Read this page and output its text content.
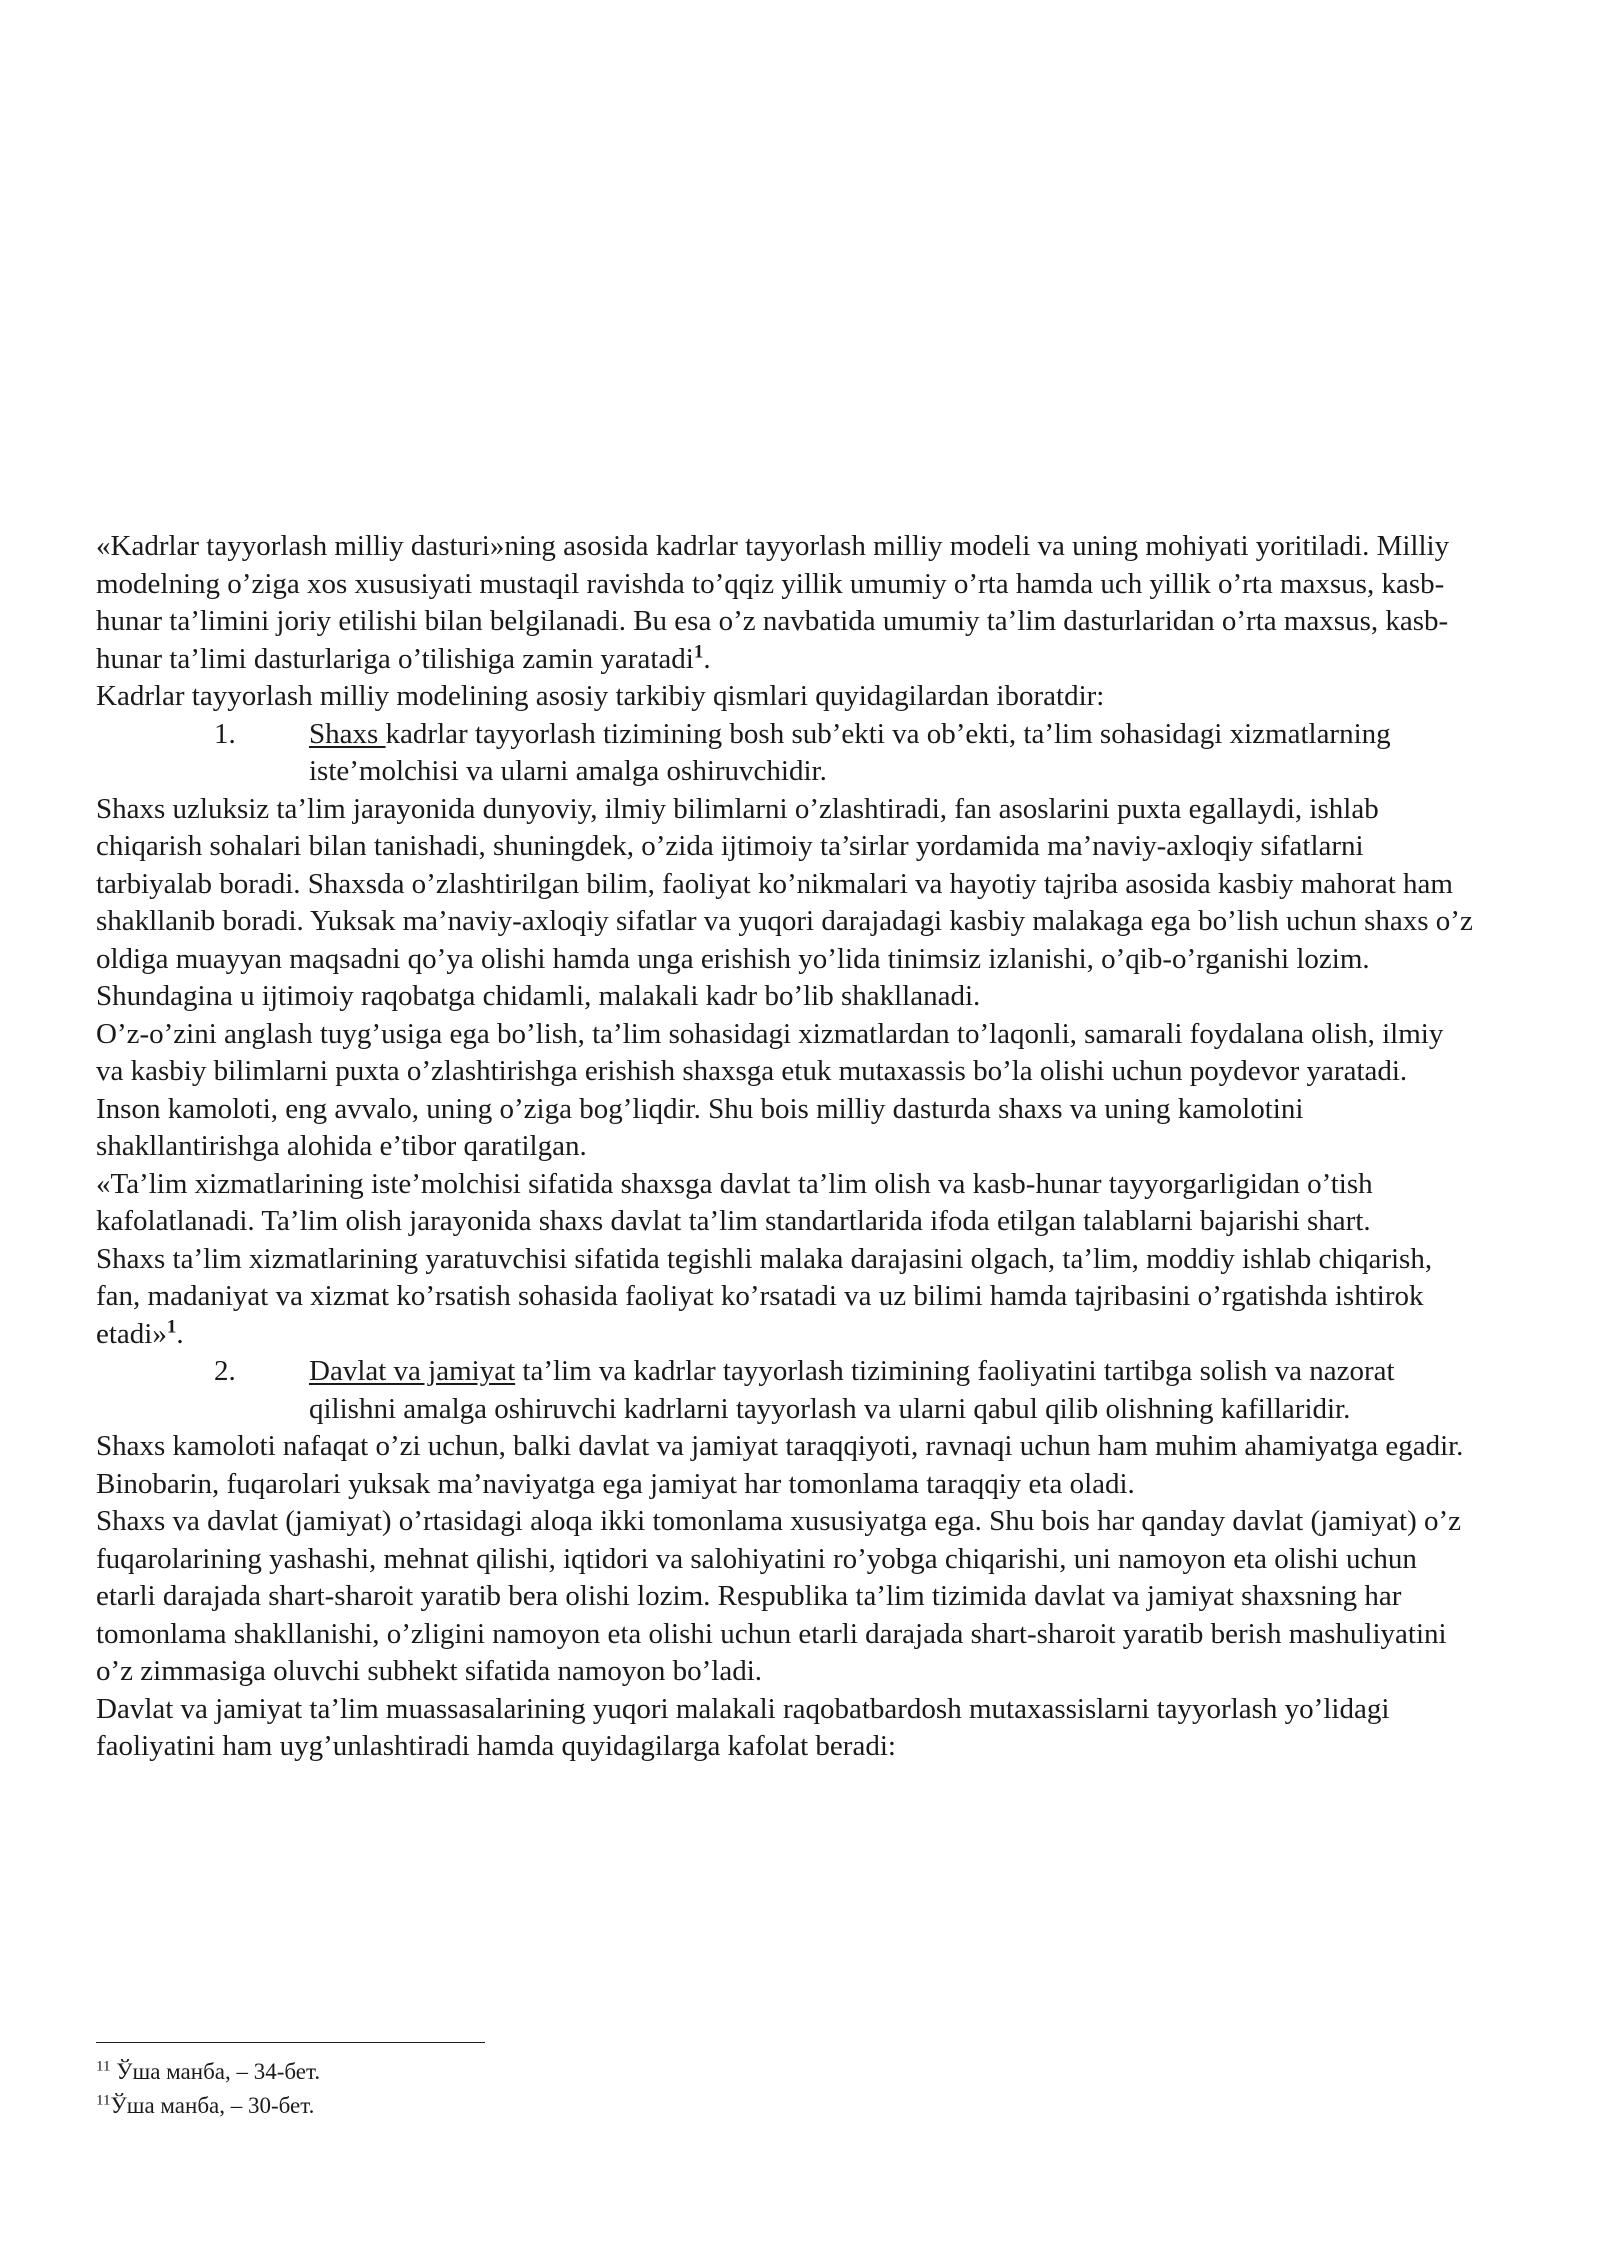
«Kadrlar tayyorlash milliy dasturi»ning asosida kadrlar tayyorlash milliy modeli va uning mohiyati yoritiladi. Milliy modelning o’ziga xos xususiyati mustaqil ravishda to’qqiz yillik umumiy o’rta hamda uch yillik o’rta maxsus, kasb-hunar ta’limini joriy etilishi bilan belgilanadi. Bu esa o’z navbatida umumiy ta’lim dasturlaridan o’rta maxsus, kasb-hunar ta’limi dasturlariga o’tilishiga zamin yaratadi$^1$.

Kadrlar tayyorlash milliy modelining asosiy tarkibiy qismlari quyidagilardan iboratdir:

1.	Shaxs kadrlar tayyorlash tizimining bosh sub’ekti va ob’ekti, ta’lim sohasidagi xizmatlarning iste’molchisi va ularni amalga oshiruvchidir.

Shaxs uzluksiz ta’lim jarayonida dunyoviy, ilmiy bilimlarni o’zlashtiradi, fan asoslarini puxta egallaydi, ishlab chiqarish sohalari bilan tanishadi, shuningdek, o’zida ijtimoiy ta’sirlar yordamida ma’naviy-axloqiy sifatlarni tarbiyalab boradi. Shaxsda o’zlashtirilgan bilim, faoliyat ko’nikmalari va hayotiy tajriba asosida kasbiy mahorat ham shakllanib boradi. Yuksak ma’naviy-axloqiy sifatlar va yuqori darajadagi kasbiy malakaga ega bo’lish uchun shaxs o’z oldiga muayyan maqsadni qo’ya olishi hamda unga erishish yo’lida tinimsiz izlanishi, o’qib-o’rganishi lozim. Shundagina u ijtimoiy raqobatga chidamli, malakali kadr bo’lib shakllanadi.

O’z-o’zini anglash tuyg’usiga ega bo’lish, ta’lim sohasidagi xizmatlardan to’laqonli, samarali foydalana olish, ilmiy va kasbiy bilimlarni puxta o’zlashtirishga erishish shaxsga etuk mutaxassis bo’la olishi uchun poydevor yaratadi. Inson kamoloti, eng avvalo, uning o’ziga bog’liqdir. Shu bois milliy dasturda shaxs va uning kamolotini shakllantirishga alohida e’tibor qaratilgan.

«Ta’lim xizmatlarining iste’molchisi sifatida shaxsga davlat ta’lim olish va kasb-hunar tayyorgarligidan o’tish kafolatlanadi. Ta’lim olish jarayonida shaxs davlat ta’lim standartlarida ifoda etilgan talablarni bajarishi shart.

Shaxs ta’lim xizmatlarining yaratuvchisi sifatida tegishli malaka darajasini olgach, ta’lim, moddiy ishlab chiqarish, fan, madaniyat va xizmat ko’rsatish sohasida faoliyat ko’rsatadi va uz bilimi hamda tajribasini o’rgatishda ishtirok etadi»$^1$.

2.	Davlat va jamiyat ta’lim va kadrlar tayyorlash tizimining faoliyatini tartibga solish va nazorat qilishni amalga oshiruvchi kadrlarni tayyorlash va ularni qabul qilib olishning kafillaridir.

Shaxs kamoloti nafaqat o’zi uchun, balki davlat va jamiyat taraqqiyoti, ravnaqi uchun ham muhim ahamiyatga egadir. Binobarin, fuqarolari yuksak ma’naviyatga ega jamiyat har tomonlama taraqqiy eta oladi.

Shaxs va davlat (jamiyat) o’rtasidagi aloqa ikki tomonlama xususiyatga ega. Shu bois har qanday davlat (jamiyat) o’z fuqarolarining yashashi, mehnat qilishi, iqtidori va salohiyatini ro’yobga chiqarishi, uni namoyon eta olishi uchun etarli darajada shart-sharoit yaratib bera olishi lozim. Respublika ta’lim tizimida davlat va jamiyat shaxsning har tomonlama shakllanishi, o’zligini namoyon eta olishi uchun etarli darajada shart-sharoit yaratib berish mashuliyatini o’z zimmasiga oluvchi subhekt sifatida namoyon bo’ladi.

Davlat va jamiyat ta’lim muassasalarining yuqori malakali raqobatbardosh mutaxassislarni tayyorlash yo’lidagi faoliyatini ham uyg’unlashtiradi hamda quyidagilarga kafolat beradi:

$^{11}$ Ўша манба, – 34-бет.

$^{11}$Ўша манба, – 30-бет.
